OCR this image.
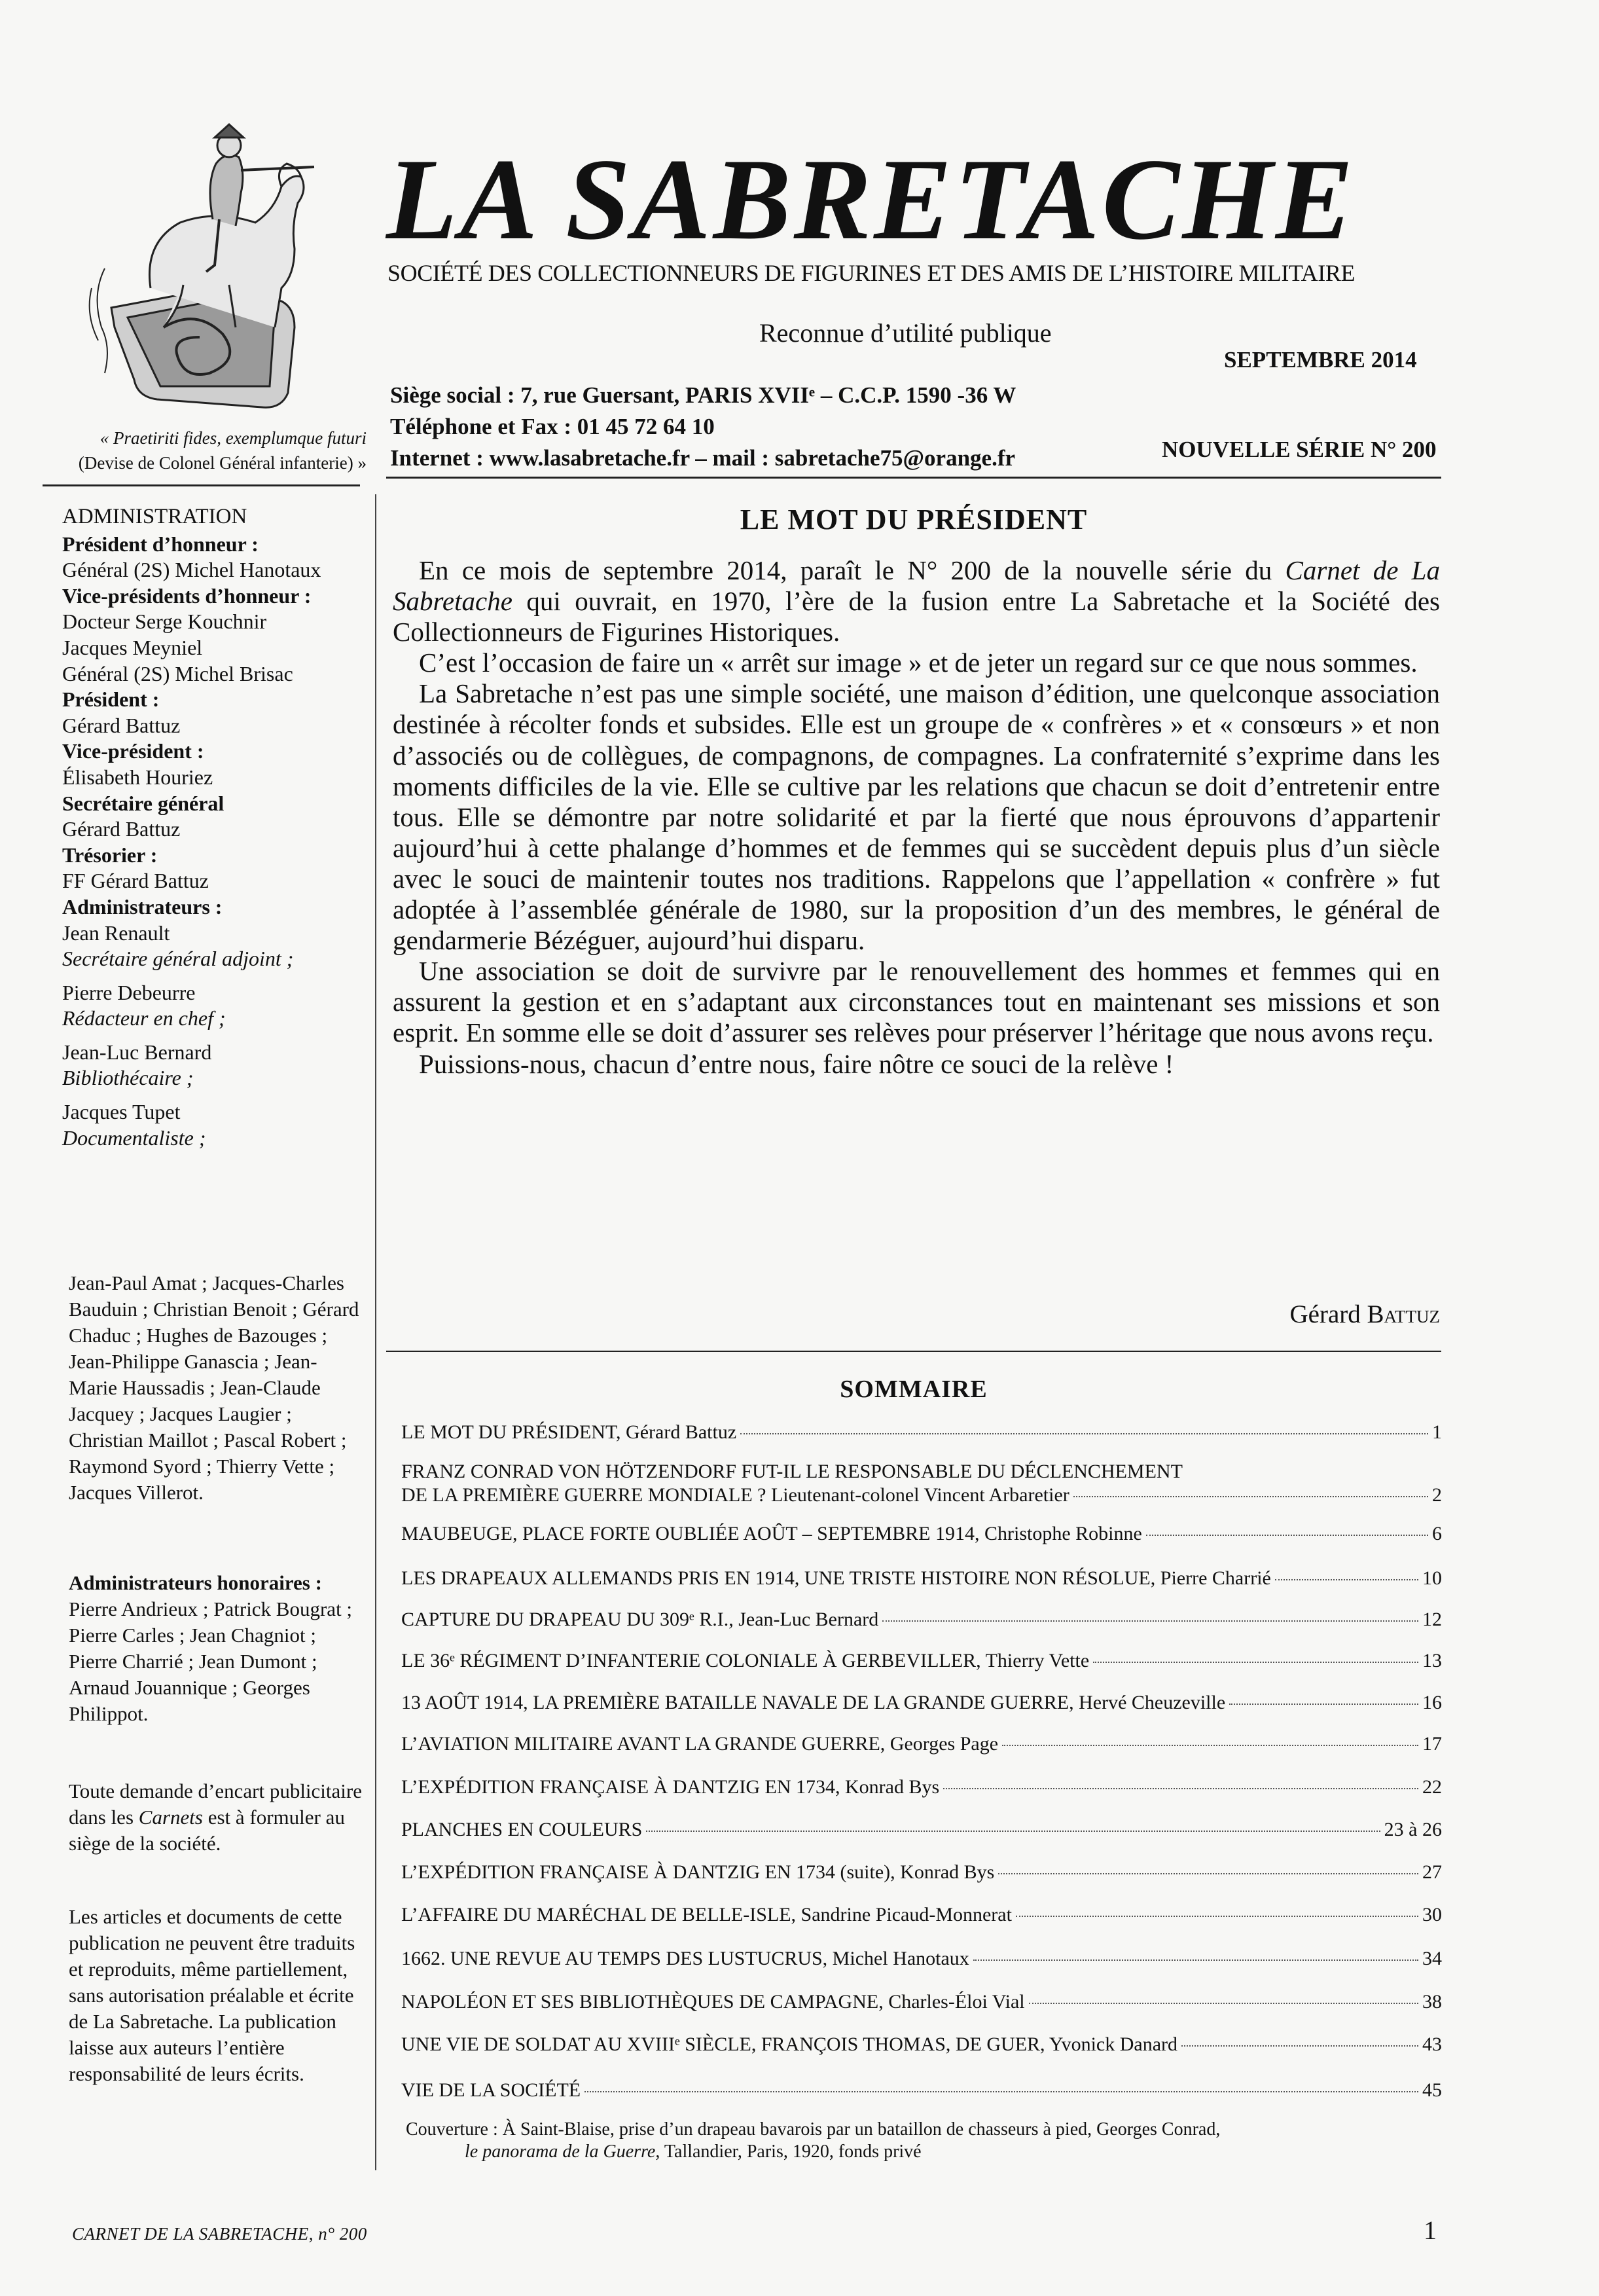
« Praetiriti fides, exemplumque futuri
(Devise de Colonel Général infanterie) »
LA SABRETACHE
SOCIÉTÉ DES COLLECTIONNEURS DE FIGURINES ET DES AMIS DE L’HISTOIRE MILITAIRE
Reconnue d’utilité publique
SEPTEMBRE 2014
Siège social : 7, rue Guersant, PARIS XVIIᵉ – C.C.P. 1590 -36 W
Téléphone et Fax : 01 45 72 64 10
Internet : www.lasabretache.fr – mail : sabretache75@orange.fr	NOUVELLE SÉRIE N° 200
ADMINISTRATION
Président d’honneur :
Général (2S) Michel Hanotaux
Vice-présidents d’honneur :
Docteur Serge Kouchnir
Jacques Meyniel
Général (2S) Michel Brisac
Président :
Gérard Battuz
Vice-président :
Élisabeth Houriez
Secrétaire général
Gérard Battuz
Trésorier :
FF Gérard Battuz
Administrateurs :
Jean Renault
Secrétaire général adjoint ;
Pierre Debeurre
Rédacteur en chef ;
Jean-Luc Bernard
Bibliothécaire ;
Jacques Tupet
Documentaliste ;
Jean-Paul Amat ; Jacques-Charles Bauduin ; Christian Benoit ; Gérard Chaduc ; Hughes de Bazouges ; Jean-Philippe Ganascia ; Jean-Marie Haussadis ; Jean-Claude Jacquey ; Jacques Laugier ; Christian Maillot ; Pascal Robert ; Raymond Syord ; Thierry Vette ; Jacques Villerot.
Administrateurs honoraires :
Pierre Andrieux ; Patrick Bougrat ; Pierre Carles ; Jean Chagniot ; Pierre Charrié ; Jean Dumont ; Arnaud Jouannique ; Georges Philippot.
Toute demande d’encart publicitaire dans les Carnets est à formuler au siège de la société.
Les articles et documents de cette publication ne peuvent être traduits et reproduits, même partiellement, sans autorisation préalable et écrite de La Sabretache. La publication laisse aux auteurs l’entière responsabilité de leurs écrits.
LE MOT DU PRÉSIDENT

En ce mois de septembre 2014, paraît le N° 200 de la nouvelle série du Carnet de La Sabretache qui ouvrait, en 1970, l’ère de la fusion entre La Sabretache et la Société des Collectionneurs de Figurines Historiques.

C’est l’occasion de faire un « arrêt sur image » et de jeter un regard sur ce que nous sommes.

La Sabretache n’est pas une simple société, une maison d’édition, une quelconque association destinée à récolter fonds et subsides. Elle est un groupe de « confrères » et « consœurs » et non d’associés ou de collègues, de compagnons, de compagnes. La confraternité s’exprime dans les moments difficiles de la vie. Elle se cultive par les relations que chacun se doit d’entretenir entre tous. Elle se démontre par notre solidarité et par la fierté que nous éprouvons d’appartenir aujourd’hui à cette phalange d’hommes et de femmes qui se succèdent depuis plus d’un siècle avec le souci de maintenir toutes nos traditions. Rappelons que l’appellation « confrère » fut adoptée à l’assemblée générale de 1980, sur la proposition d’un des membres, le général de gendarmerie Bézéguer, aujourd’hui disparu.

Une association se doit de survivre par le renouvellement des hommes et femmes qui en assurent la gestion et en s’adaptant aux circonstances tout en maintenant ses missions et son esprit. En somme elle se doit d’assurer ses relèves pour préserver l’héritage que nous avons reçu.

Puissions-nous, chacun d’entre nous, faire nôtre ce souci de la relève !

Gérard Battuz
SOMMAIRE
LE MOT DU PRÉSIDENT, Gérard Battuz	1
FRANZ CONRAD VON HÖTZENDORF FUT-IL LE RESPONSABLE DU DÉCLENCHEMENT
DE LA PREMIÈRE GUERRE MONDIALE ? Lieutenant-colonel Vincent Arbaretier	2
MAUBEUGE, PLACE FORTE OUBLIÉE AOÛT – SEPTEMBRE 1914, Christophe Robinne	6
LES DRAPEAUX ALLEMANDS PRIS EN 1914, UNE TRISTE HISTOIRE NON RÉSOLUE, Pierre Charrié	10
CAPTURE DU DRAPEAU DU 309ᵉ R.I., Jean-Luc Bernard	12
LE 36ᵉ RÉGIMENT D’INFANTERIE COLONIALE À GERBEVILLER, Thierry Vette	13
13 AOÛT 1914, LA PREMIÈRE BATAILLE NAVALE DE LA GRANDE GUERRE, Hervé Cheuzeville	16
L’AVIATION MILITAIRE AVANT LA GRANDE GUERRE, Georges Page	17
L’EXPÉDITION FRANÇAISE À DANTZIG EN 1734, Konrad Bys	22
PLANCHES EN COULEURS	23 à 26
L’EXPÉDITION FRANÇAISE À DANTZIG EN 1734 (suite), Konrad Bys	27
L’AFFAIRE DU MARÉCHAL DE BELLE-ISLE, Sandrine Picaud-Monnerat	30
1662. UNE REVUE AU TEMPS DES LUSTUCRUS, Michel Hanotaux	34
NAPOLÉON ET SES BIBLIOTHÈQUES DE CAMPAGNE, Charles-Éloi Vial	38
UNE VIE DE SOLDAT AU XVIIIᵉ SIÈCLE, FRANÇOIS THOMAS, DE GUER, Yvonick Danard	43
VIE DE LA SOCIÉTÉ	45
Couverture : À Saint-Blaise, prise d’un drapeau bavarois par un bataillon de chasseurs à pied, Georges Conrad,
le panorama de la Guerre, Tallandier, Paris, 1920, fonds privé
CARNET DE LA SABRETACHE, n° 200	1
